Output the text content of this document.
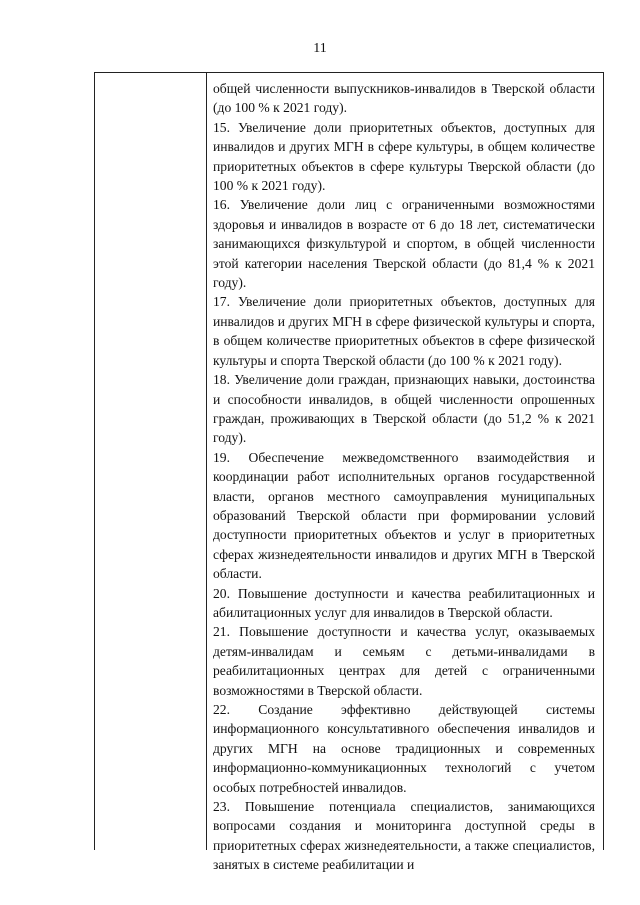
11

общей численности выпускников-инвалидов в Тверской области (до 100 % к 2021 году).

15. Увеличение доли приоритетных объектов, доступных для инвалидов и других МГН в сфере культуры, в общем количестве приоритетных объектов в сфере культуры Тверской области (до 100 % к 2021 году).

16. Увеличение доли лиц с ограниченными возможностями здоровья и инвалидов в возрасте от 6 до 18 лет, систематически занимающихся физкультурой и спортом, в общей численности этой категории населения Тверской области (до 81,4 % к 2021 году).

17. Увеличение доли приоритетных объектов, доступных для инвалидов и других МГН в сфере физической культуры и спорта, в общем количестве приоритетных объектов в сфере физической культуры и спорта Тверской области (до 100 % к 2021 году).

18. Увеличение доли граждан, признающих навыки, достоинства и способности инвалидов, в общей численности опрошенных граждан, проживающих в Тверской области (до 51,2 % к 2021 году).

19. Обеспечение межведомственного взаимодействия и координации работ исполнительных органов государственной власти, органов местного самоуправления муниципальных образований Тверской области при формировании условий доступности приоритетных объектов и услуг в приоритетных сферах жизнедеятельности инвалидов и других МГН в Тверской области.

20. Повышение доступности и качества реабилитационных и абилитационных услуг для инвалидов в Тверской области.

21. Повышение доступности и качества услуг, оказываемых детям-инвалидам и семьям с детьми-инвалидами в реабилитационных центрах для детей с ограниченными возможностями в Тверской области.

22. Создание эффективно действующей системы информационного консультативного обеспечения инвалидов и других МГН на основе традиционных и современных информационно-коммуникационных технологий с учетом особых потребностей инвалидов.

23. Повышение потенциала специалистов, занимающихся вопросами создания и мониторинга доступной среды в приоритетных сферах жизнедеятельности, а также специалистов, занятых в системе реабилитации и
